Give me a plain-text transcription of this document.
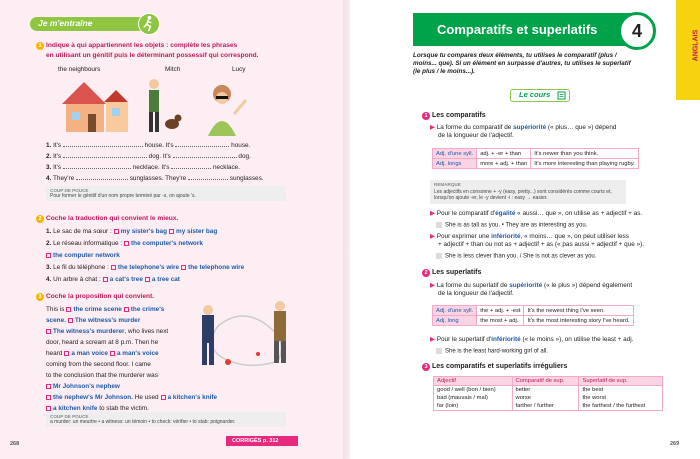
Je m'entraîne
1 Indique à qui appartiennent les objets : complète les phrases
en utilisant un génitif puis le déterminant possessif qui correspond.
the neighbours	Mitch	Lucy
1. It's	house. It's	house.
2. It's	dog. It's	dog.
3. It's	necklace. It's	necklace.
4. They're	sunglasses. They're	sunglasses.
COUP DE POUCE
Pour former le génitif d'un nom propre terminé par -s, on ajoute 's.
2 Coche la traduction qui convient le mieux.
1. Le sac de ma sœur : my sister's bag my sister bag
2. Le réseau informatique : the computer's network
the computer network
3. Le fil du téléphone : the telephone's wire the telephone wire
4. Un arbre à chat : a cat's tree a tree cat
3 Coche la proposition qui convient.
This is the crime scene the crime's
scene. The witness's murder
The witness's murderer, who lives next
door, heard a scream at 8 p.m. Then he
heard a man voice a man's voice
coming from the second floor. I came
to the conclusion that the murderer was
Mr Johnson's nephew
the nephew's Mr Johnson. He used a kitchen's knife
a kitchen knife to stab the victim.
COUP DE POUCE
a murder: un meurtre • a witness: un témoin • to check: vérifier • to stab: poignarder.
268	CORRIGÉS p. 312
Comparatifs et superlatifs	4	ANGLAIS
Lorsque tu compares deux éléments, tu utilises le comparatif (plus / moins... que). Si un élément en surpasse d'autres, tu utilises le superlatif (le plus / le moins...).
Le cours
1 Les comparatifs
▶ La forme du comparatif de supériorité (« plus… que ») dépend
de la longueur de l'adjectif.
Adj. d'une syll.	adj. + -er + than	It's newer than you think.
Adj. longs	more + adj. + than	It's more interesting than playing rugby.
REMARQUE
Les adjectifs en consonne + -y (easy, pretty...) sont considérés comme courts et, lorsqu'on ajoute -er, le -y devient -i : easy → easier.
▶ Pour le comparatif d'égalité « aussi… que », on utilise as + adjectif + as.
She is as tall as you. • They are as interesting as you.
▶ Pour exprimer une infériorité, « moins… que », on peut utiliser less
+ adjectif + than ou not as + adjectif + as (« pas aussi + adjectif + que »).
She is less clever than you. / She is not as clever as you.
2 Les superlatifs
▶ La forme du superlatif de supériorité (« le plus ») dépend également
de la longueur de l'adjectif.
Adj. d'une syll.	the + adj. + -est	It's the newest thing I've seen.
Adj. long	the most + adj.	It's the most interesting story I've heard.
▶ Pour le superlatif d'infériorité (« le moins »), on utilise the least + adj.
She is the least hard-working girl of all.
3 Les comparatifs et superlatifs irréguliers
Adjectif	Comparatif de sup.	Superlatif de sup.
good / well (bon / bien)	better	the best
bad (mauvais / mal)	worse	the worst
far (loin)	farther / further	the farthest / the furthest
269
